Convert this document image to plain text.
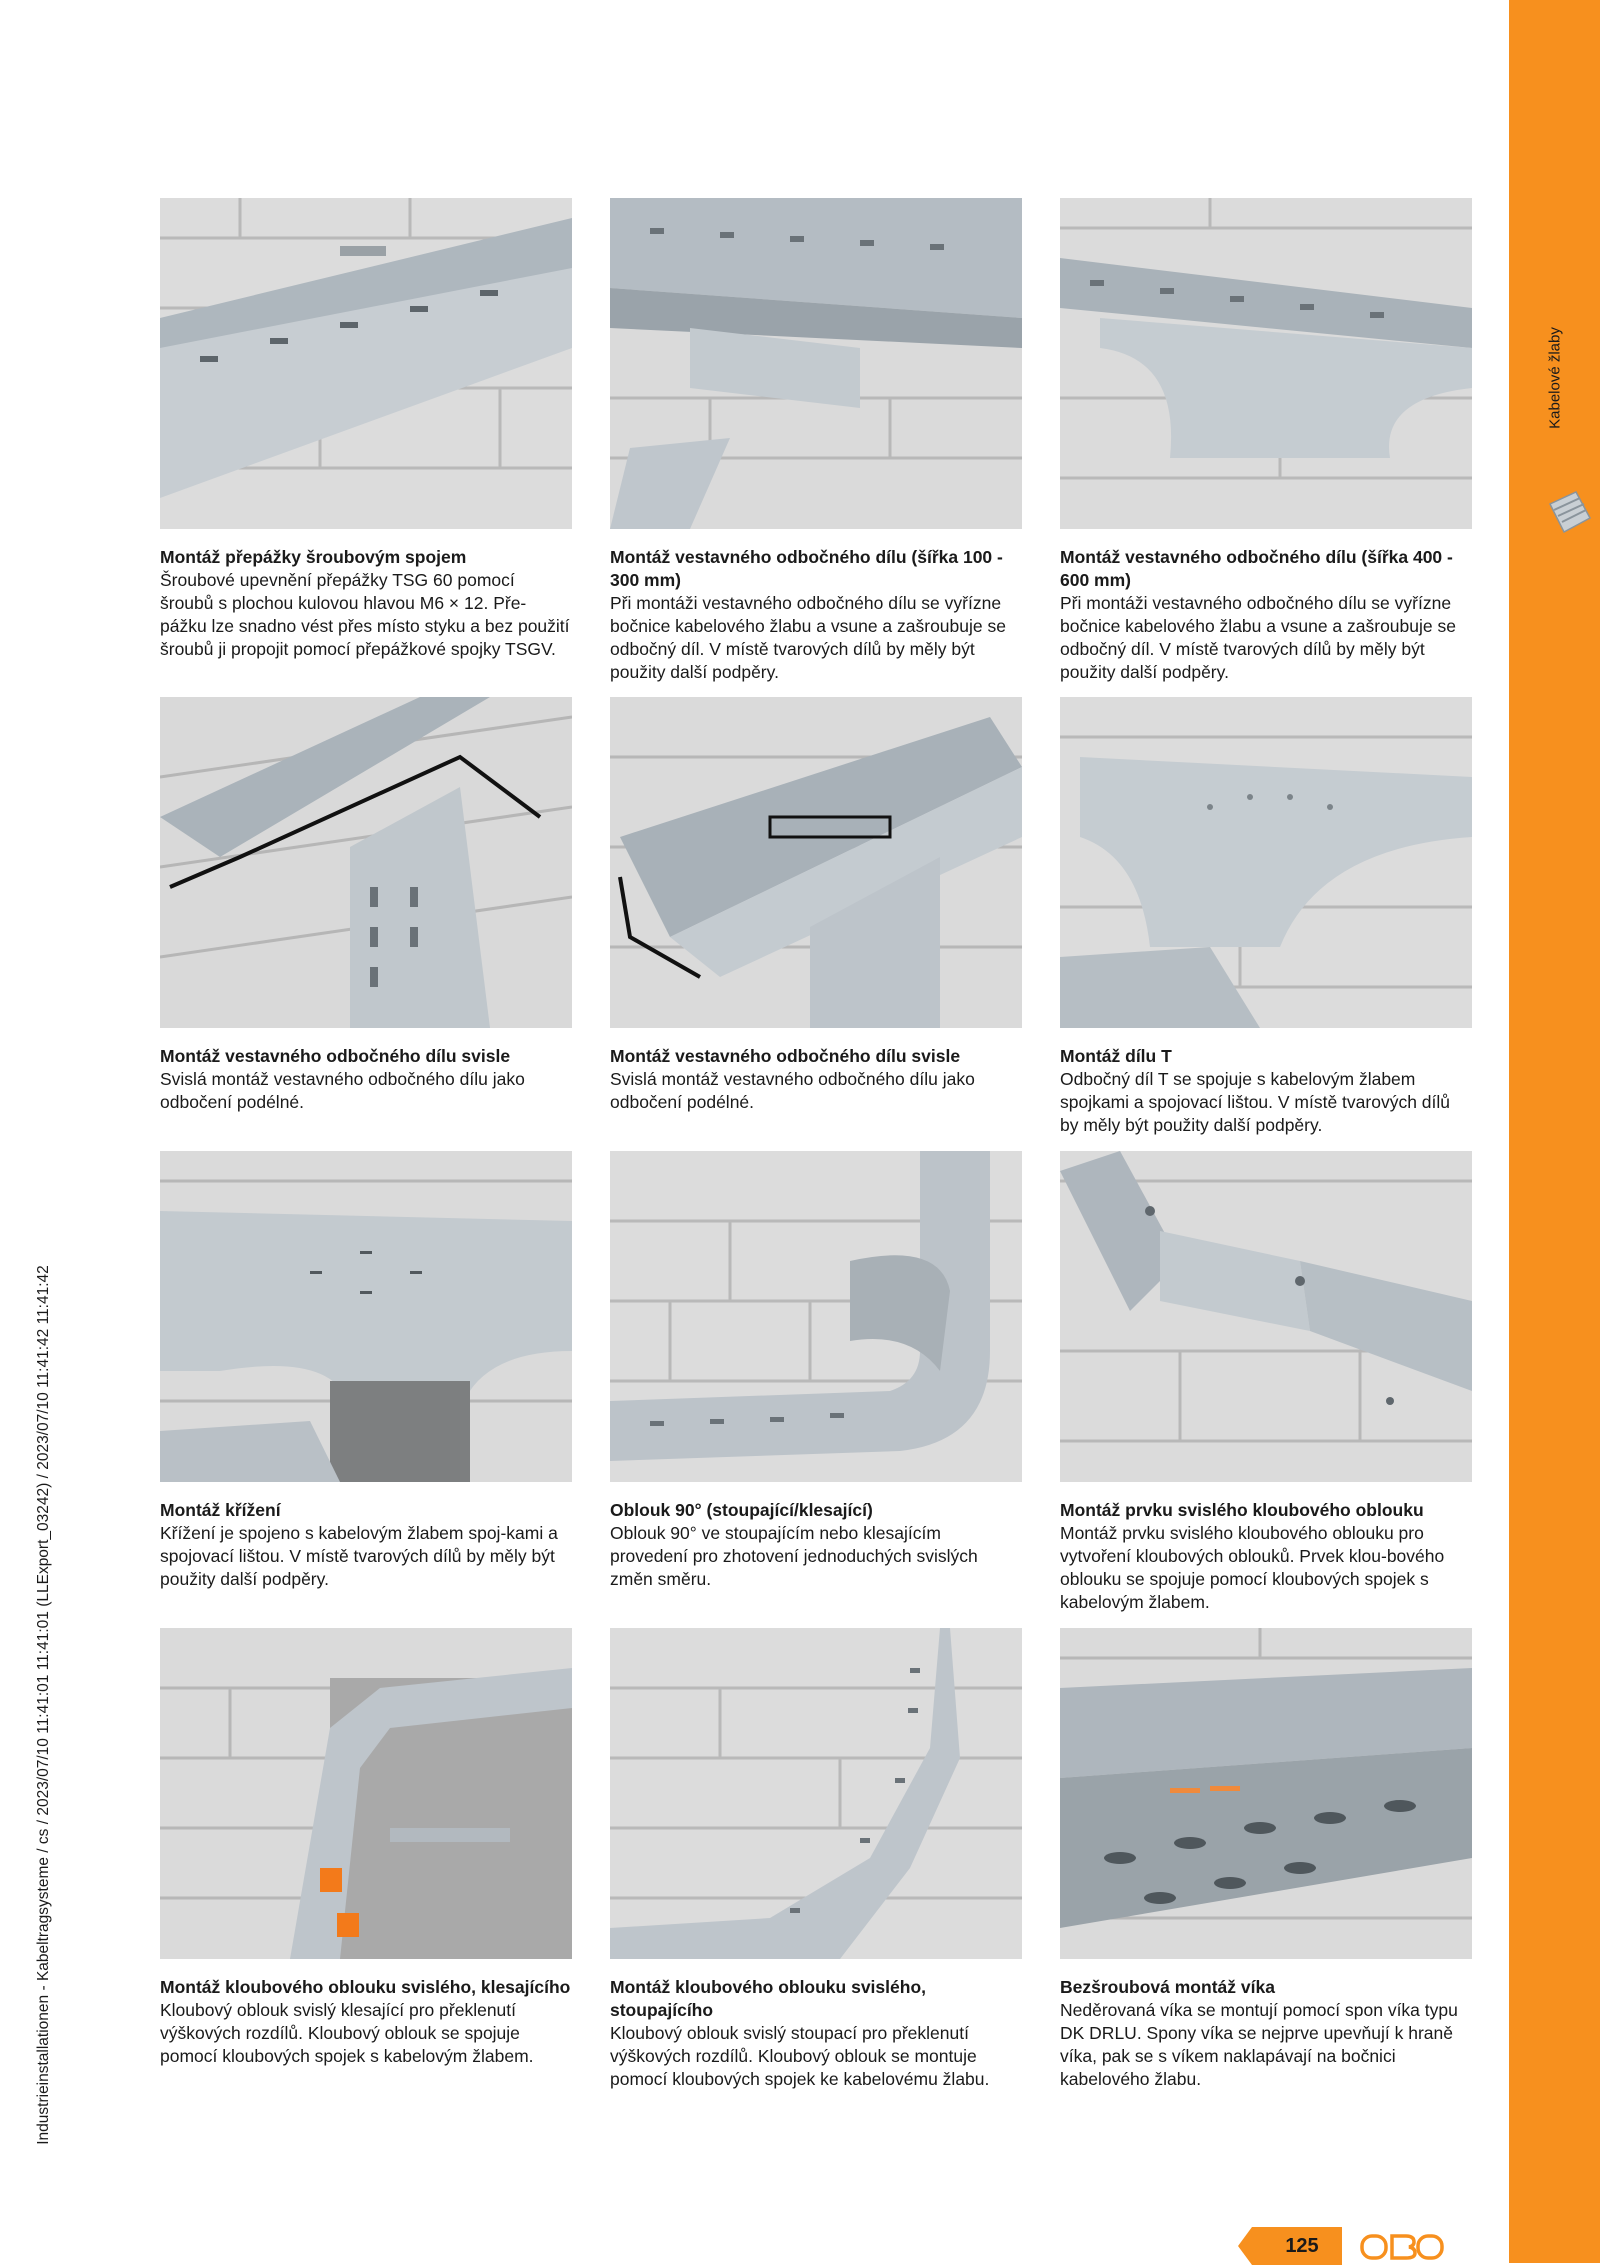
Kabelové žlaby
Industrieinstallationen - Kabeltragsysteme / cs / 2023/07/10 11:41:01 11:41:01 (LLExport_03242) / 2023/07/10 11:41:42 11:41:42
Montáž přepážky šroubovým spojem
Šroubové upevnění přepážky TSG 60 pomocí šroubů s plochou kulovou hlavou M6 × 12. Pře-pážku lze snadno vést přes místo styku a bez použití šroubů ji propojit pomocí přepážkové spojky TSGV.
Montáž vestavného odbočného dílu (šířka 100 - 300 mm)
Při montáži vestavného odbočného dílu se vyřízne bočnice kabelového žlabu a vsune a zašroubuje se odbočný díl. V místě tvarových dílů by měly být použity další podpěry.
Montáž vestavného odbočného dílu (šířka 400 - 600 mm)
Při montáži vestavného odbočného dílu se vyřízne bočnice kabelového žlabu a vsune a zašroubuje se odbočný díl. V místě tvarových dílů by měly být použity další podpěry.
Montáž vestavného odbočného dílu svisle
Svislá montáž vestavného odbočného dílu jako odbočení podélné.
Montáž vestavného odbočného dílu svisle
Svislá montáž vestavného odbočného dílu jako odbočení podélné.
Montáž dílu T
Odbočný díl T se spojuje s kabelovým žlabem spojkami a spojovací lištou. V místě tvarových dílů by měly být použity další podpěry.
Montáž křížení
Křížení je spojeno s kabelovým žlabem spoj-kami a spojovací lištou. V místě tvarových dílů by měly být použity další podpěry.
Oblouk 90° (stoupající/klesající)
Oblouk 90° ve stoupajícím nebo klesajícím provedení pro zhotovení jednoduchých svislých změn směru.
Montáž prvku svislého kloubového oblouku
Montáž prvku svislého kloubového oblouku pro vytvoření kloubových oblouků. Prvek klou-bového oblouku se spojuje pomocí kloubových spojek s kabelovým žlabem.
Montáž kloubového oblouku svislého, klesajícího
Kloubový oblouk svislý klesající pro překlenutí výškových rozdílů. Kloubový oblouk se spojuje pomocí kloubových spojek s kabelovým žlabem.
Montáž kloubového oblouku svislého, stoupajícího
Kloubový oblouk svislý stoupací pro překlenutí výškových rozdílů. Kloubový oblouk se montuje pomocí kloubových spojek ke kabelovému žlabu.
Bezšroubová montáž víka
Neděrovaná víka se montují pomocí spon víka typu DK DRLU. Spony víka se nejprve upevňují k hraně víka, pak se s víkem naklapávají na bočnici kabelového žlabu.
125
